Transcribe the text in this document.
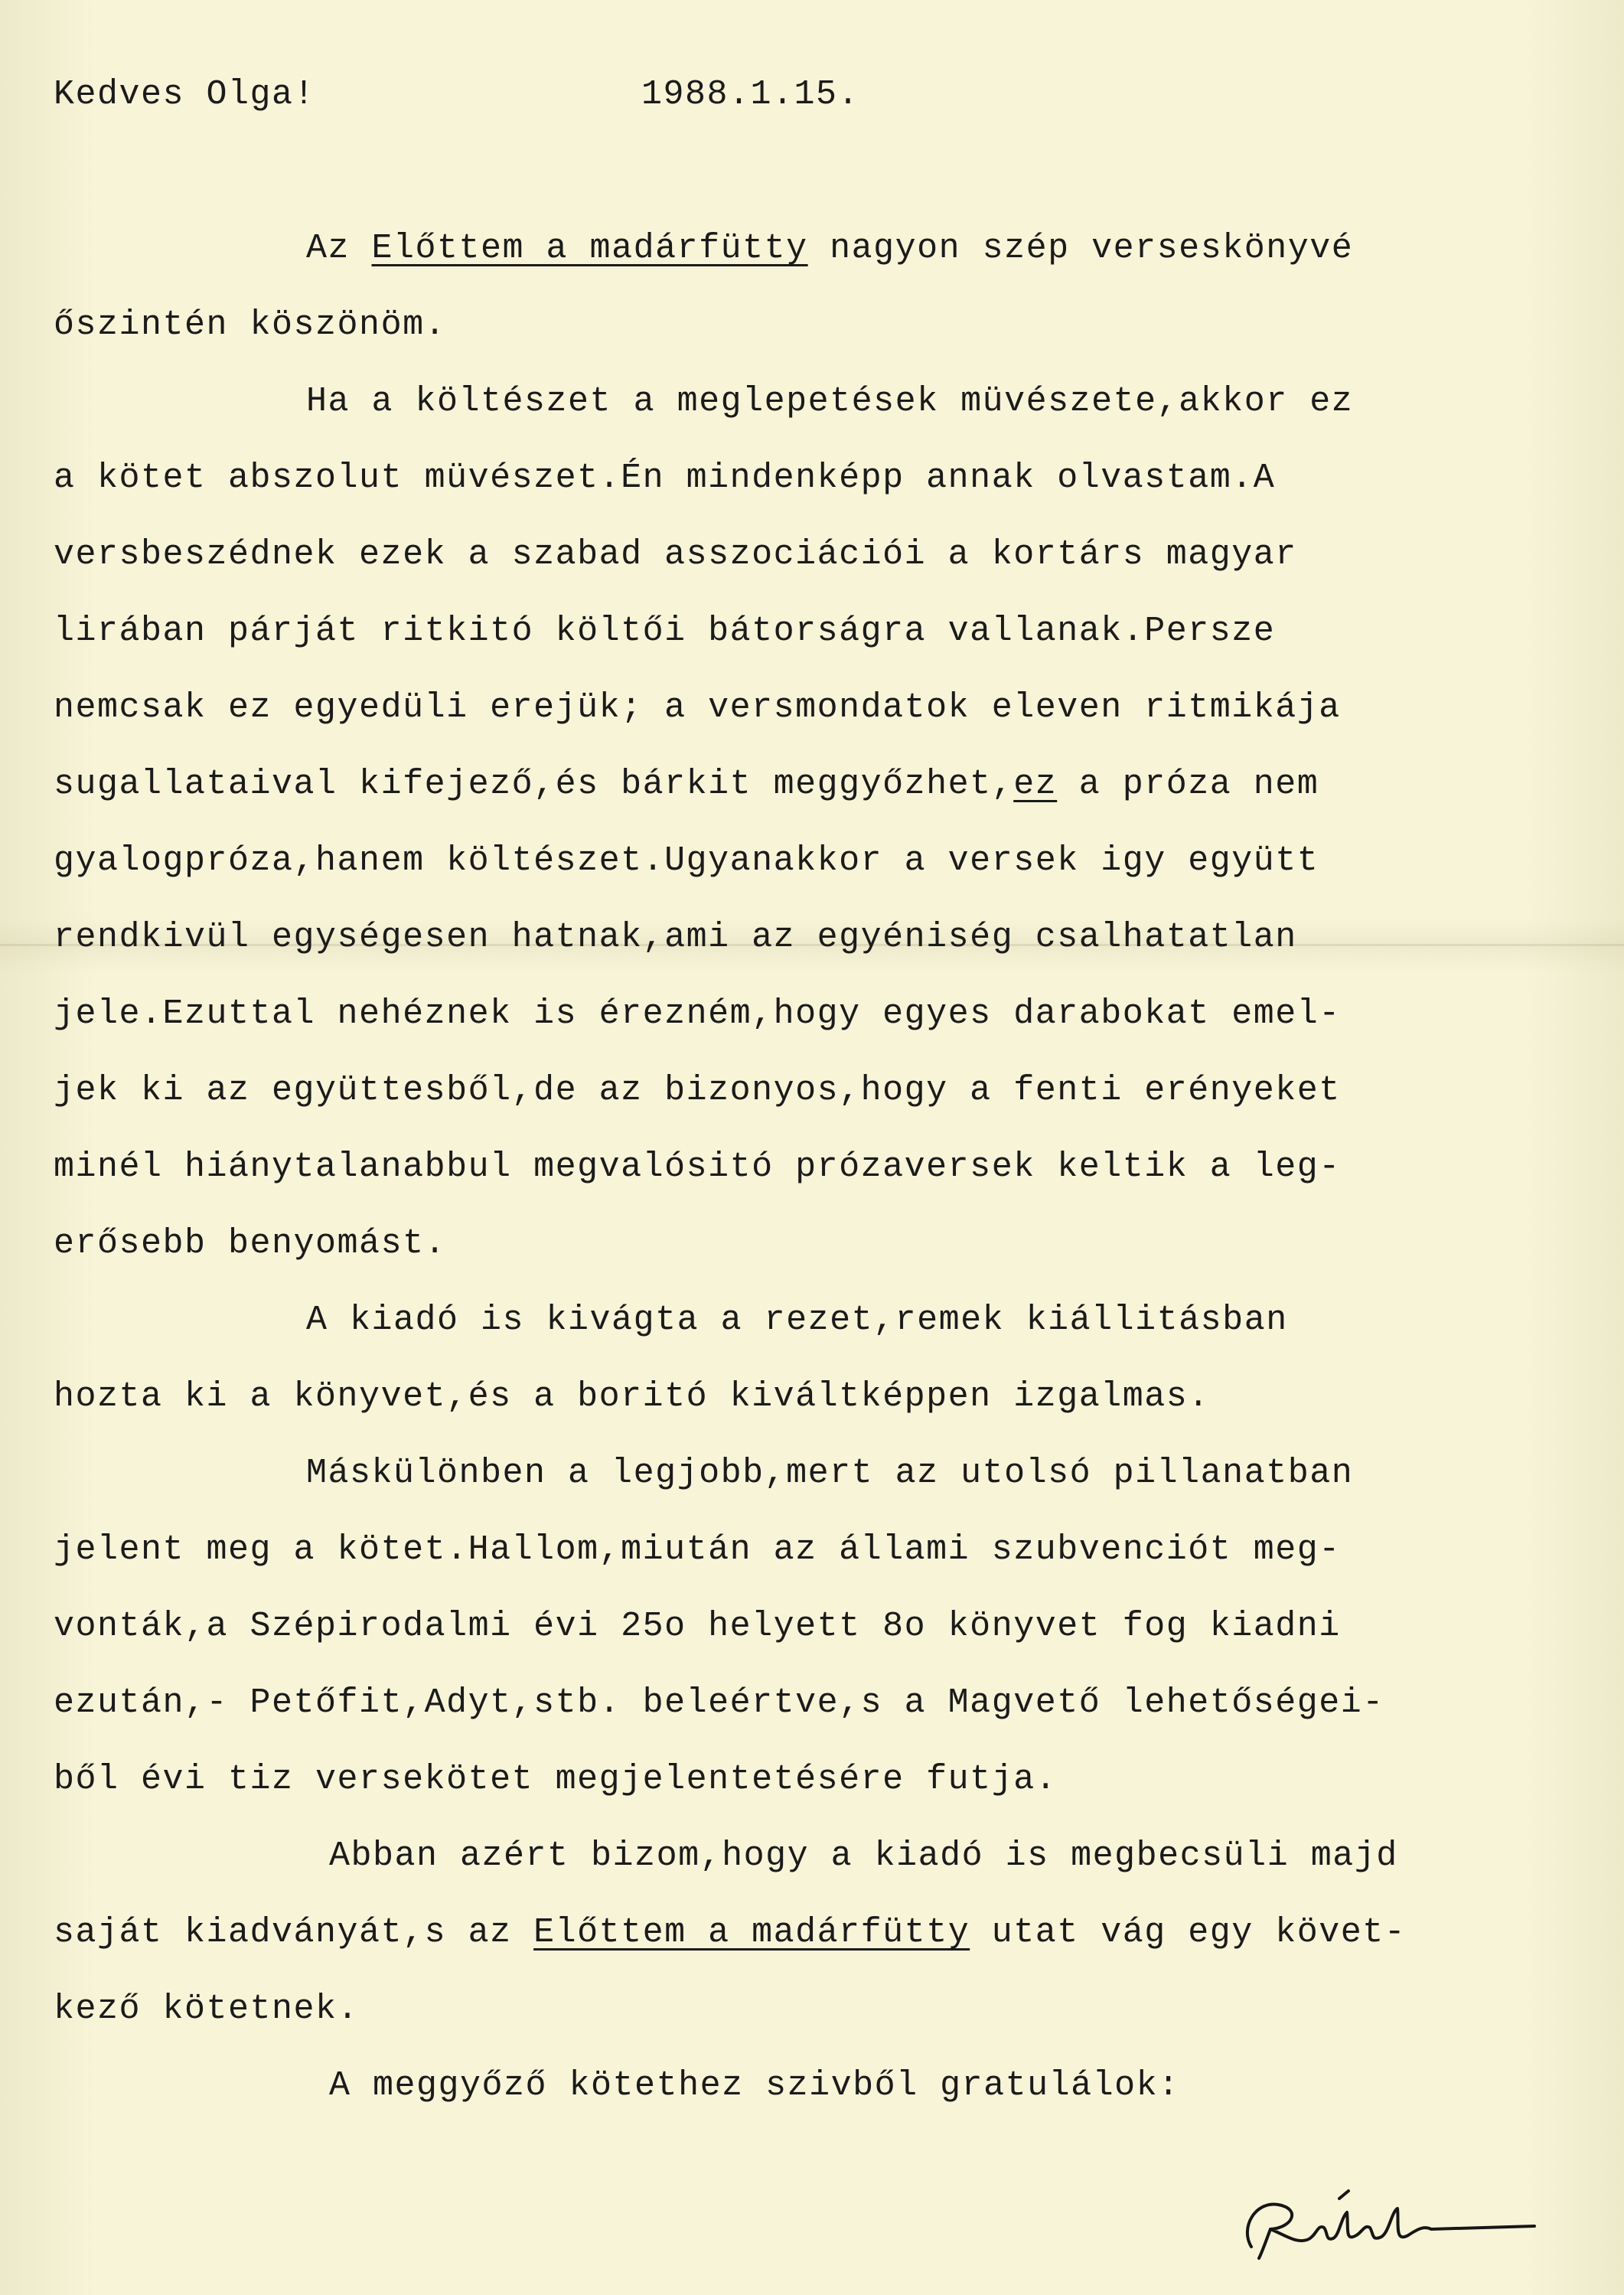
Kedves Olga!	1988.1.15.
Az Előttem a madárfütty nagyon szép verseskönyvé
őszintén köszönöm.
Ha a költészet a meglepetések müvészete,akkor ez
a kötet abszolut müvészet.Én mindenképp annak olvastam.A
versbeszédnek ezek a szabad asszociációi a kortárs magyar
lirában párját ritkitó költői bátorságra vallanak.Persze
nemcsak ez egyedüli erejük; a versmondatok eleven ritmikája
sugallataival kifejező,és bárkit meggyőzhet,ez a próza nem
gyalogpróza,hanem költészet.Ugyanakkor a versek igy együtt
rendkivül egységesen hatnak,ami az egyéniség csalhatatlan
jele.Ezuttal nehéznek is érezném,hogy egyes darabokat emel-
jek ki az együttesből,de az bizonyos,hogy a fenti erényeket
minél hiánytalanabbul megvalósitó prózaversek keltik a leg-
erősebb benyomást.
A kiadó is kivágta a rezet,remek kiállitásban
hozta ki a könyvet,és a boritó kiváltképpen izgalmas.
Máskülönben a legjobb,mert az utolsó pillanatban
jelent meg a kötet.Hallom,miután az állami szubvenciót meg-
vonták,a Szépirodalmi évi 25o helyett 8o könyvet fog kiadni
ezután,- Petőfit,Adyt,stb. beleértve,s a Magvető lehetőségei-
ből évi tiz versekötet megjelentetésére futja.
Abban azért bizom,hogy a kiadó is megbecsüli majd
saját kiadványát,s az Előttem a madárfütty utat vág egy követ-
kező kötetnek.
A meggyőző kötethez szivből gratulálok:
